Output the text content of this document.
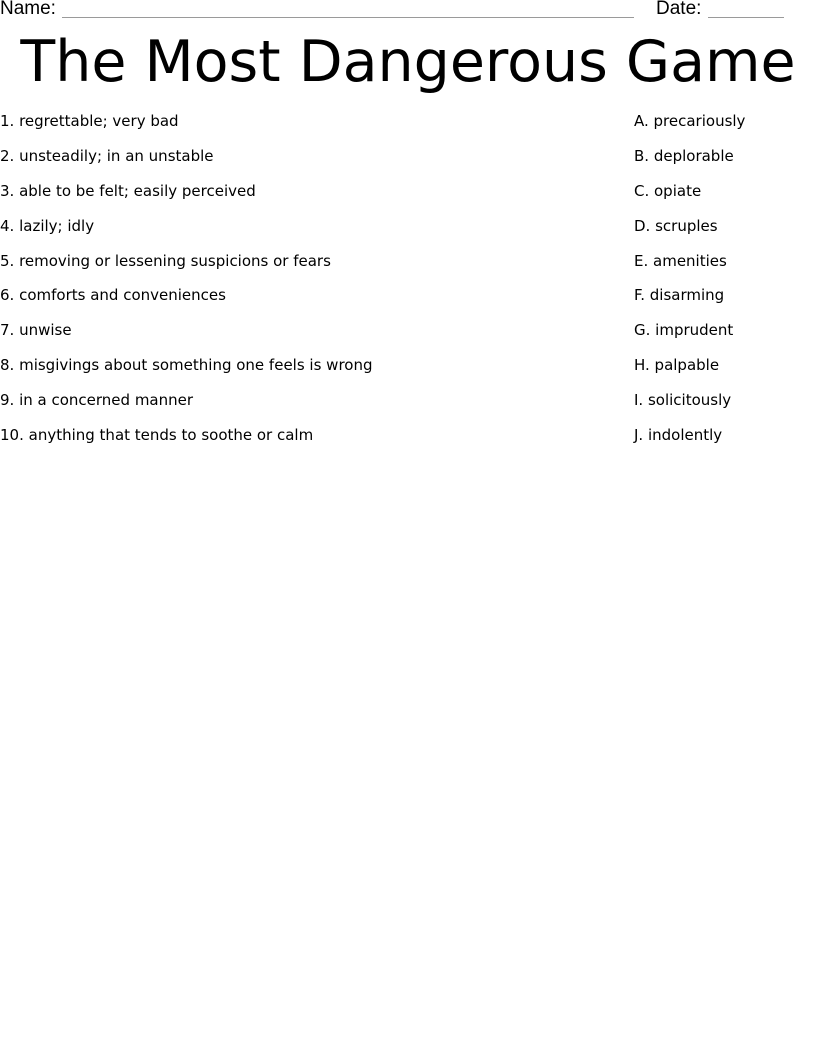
Name:	Date:
The Most Dangerous Game
1. regrettable; very bad
2. unsteadily; in an unstable
3. able to be felt; easily perceived
4. lazily; idly
5. removing or lessening suspicions or fears
6. comforts and conveniences
7. unwise
8. misgivings about something one feels is wrong
9. in a concerned manner
10. anything that tends to soothe or calm
A. precariously
B. deplorable
C. opiate
D. scruples
E. amenities
F. disarming
G. imprudent
H. palpable
I. solicitously
J. indolently
